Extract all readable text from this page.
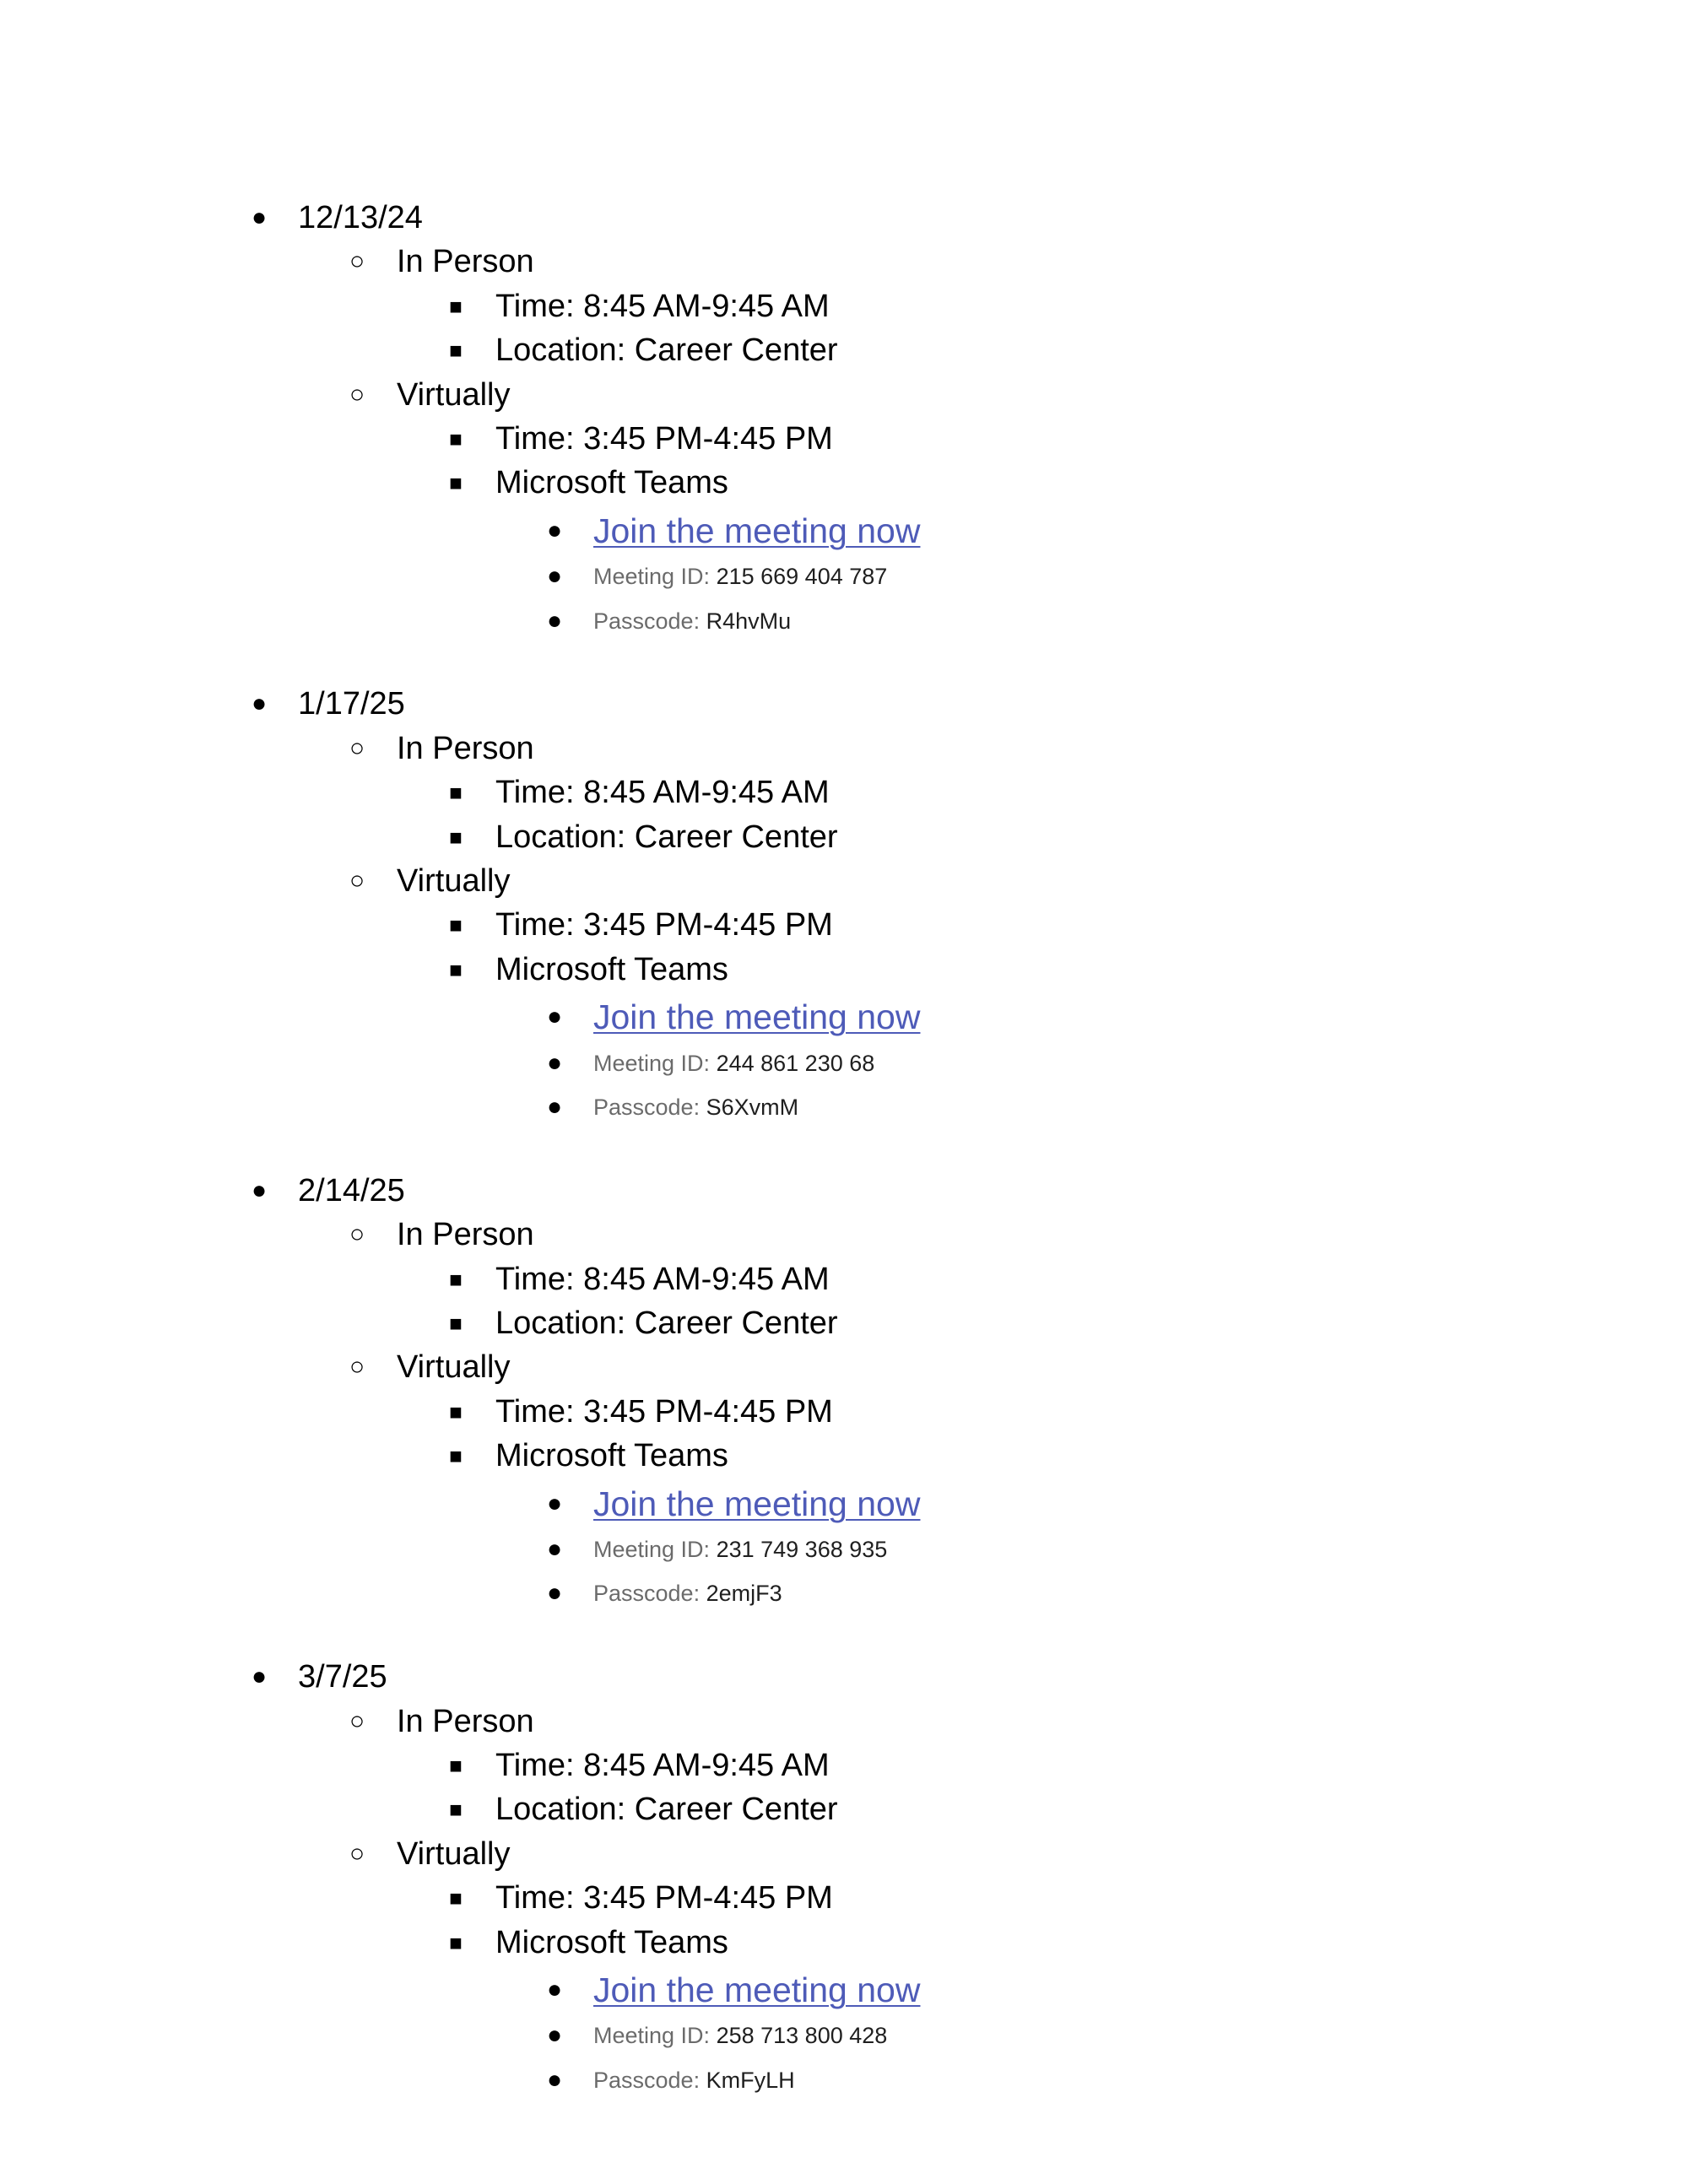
● 12/13/24
○ In Person
■	Time: 8:45 AM-9:45 AM
■	Location: Career Center
○ Virtually
■	Time: 3:45 PM-4:45 PM
■	Microsoft Teams
● Join the meeting now
●	Meeting ID: 215 669 404 787
●	Passcode: R4hvMu
● 1/17/25
○ In Person
■	Time: 8:45 AM-9:45 AM
■	Location: Career Center
○ Virtually
■	Time: 3:45 PM-4:45 PM
■	Microsoft Teams
● Join the meeting now
●	Meeting ID: 244 861 230 68
●	Passcode: S6XvmM
● 2/14/25
○ In Person
■	Time: 8:45 AM-9:45 AM
■	Location: Career Center
○ Virtually
■	Time: 3:45 PM-4:45 PM
■	Microsoft Teams
● Join the meeting now
●	Meeting ID: 231 749 368 935
●	Passcode: 2emjF3
● 3/7/25
○ In Person
■	Time: 8:45 AM-9:45 AM
■	Location: Career Center
○ Virtually
■	Time: 3:45 PM-4:45 PM
■	Microsoft Teams
● Join the meeting now
●	Meeting ID: 258 713 800 428
●	Passcode: KmFyLH
